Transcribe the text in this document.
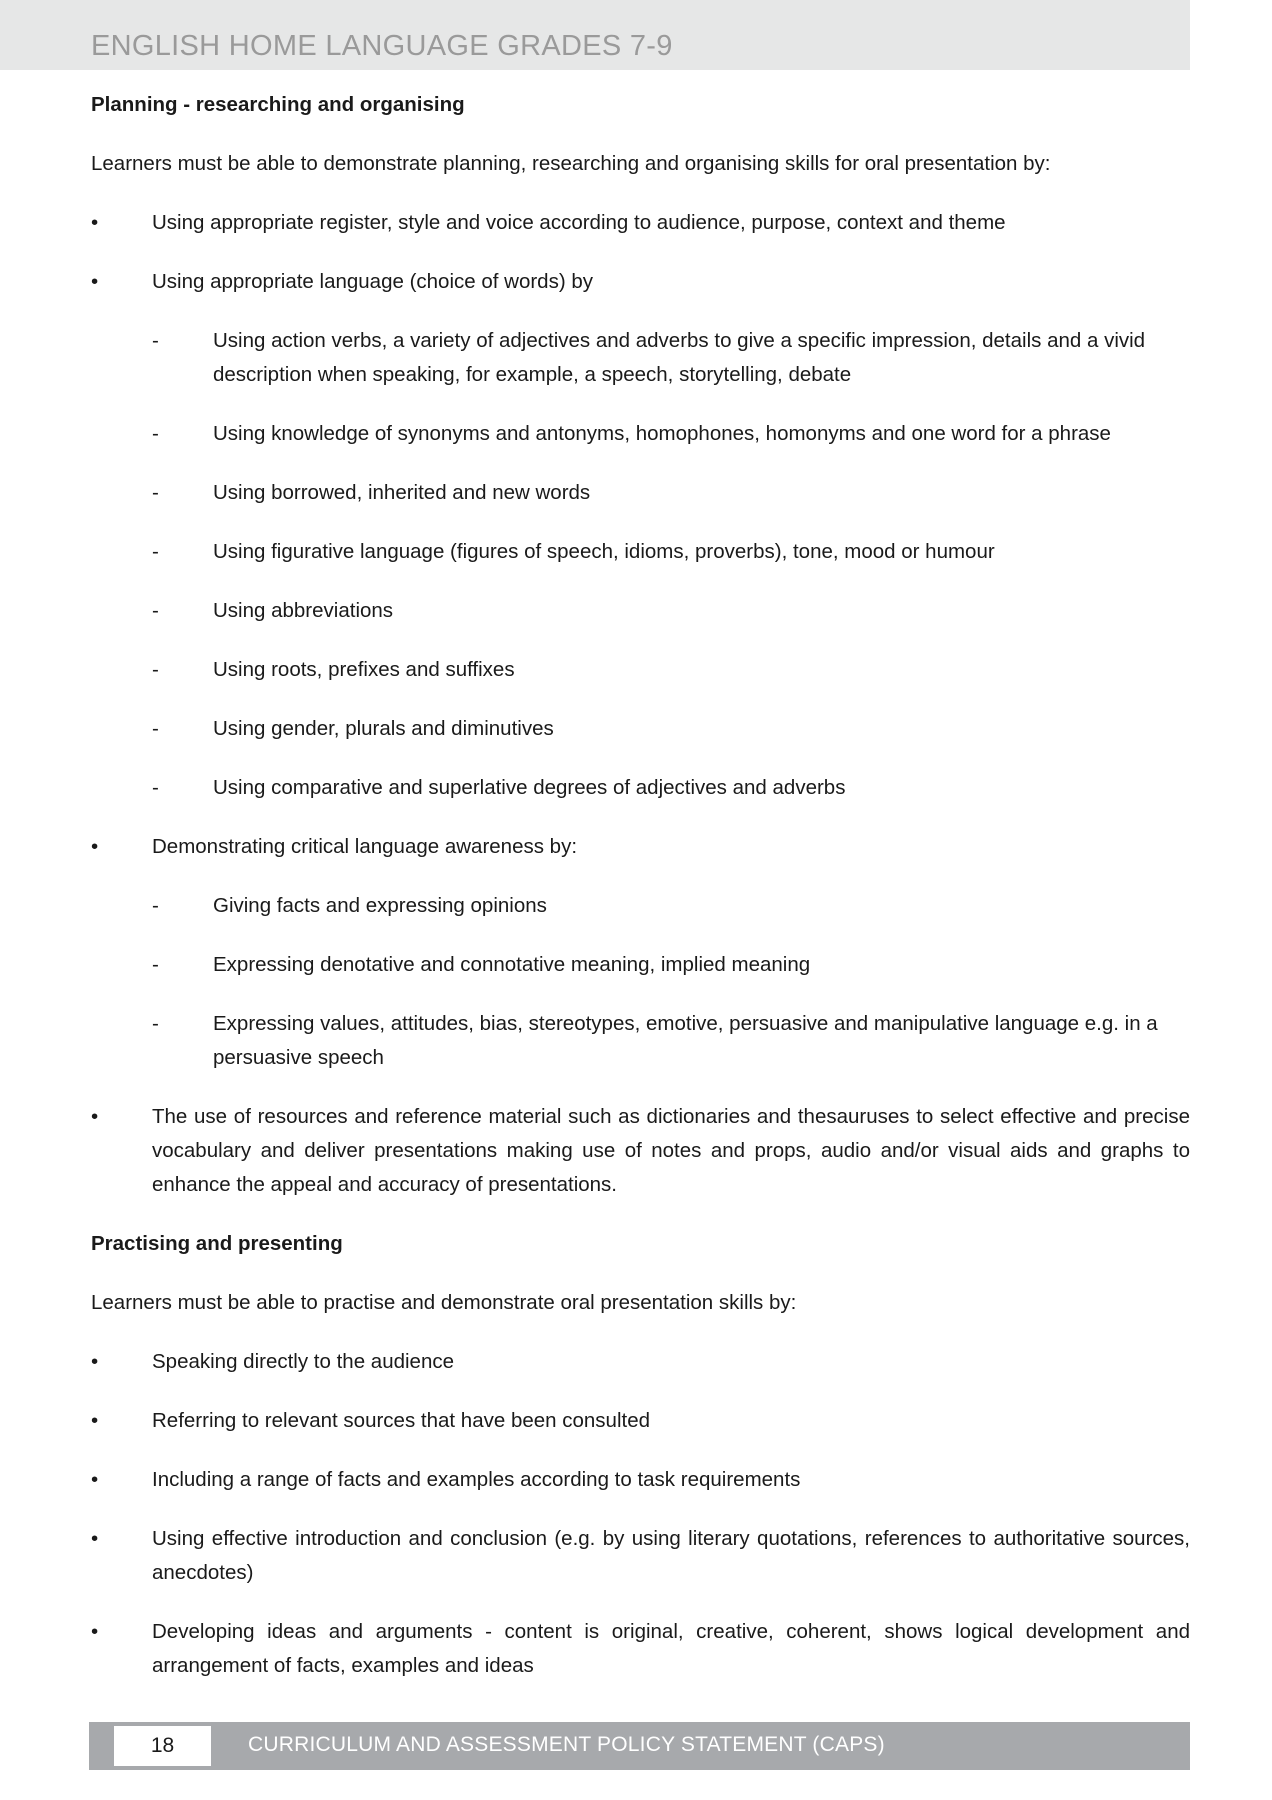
ENGLISH HOME LANGUAGE GRADES 7-9
Planning - researching and organising
Learners must be able to demonstrate planning, researching and organising skills for oral presentation by:
•	Using appropriate register, style and voice according to audience, purpose, context and theme
•	Using appropriate language (choice of words) by
-	Using action verbs, a variety of adjectives and adverbs to give a specific impression, details and a vivid description when speaking, for example, a speech, storytelling, debate
-	Using knowledge of synonyms and antonyms, homophones, homonyms and one word for a phrase
-	Using borrowed, inherited and new words
-	Using figurative language (figures of speech, idioms, proverbs), tone, mood or humour
-	Using abbreviations
-	Using roots, prefixes and suffixes
-	Using gender, plurals and diminutives
-	Using comparative and superlative degrees of adjectives and adverbs
•	Demonstrating critical language awareness by:
-	Giving facts and expressing opinions
-	Expressing denotative and connotative meaning, implied meaning
-	Expressing values, attitudes, bias, stereotypes, emotive, persuasive and manipulative language e.g. in a persuasive speech
•	The use of resources and reference material such as dictionaries and thesauruses to select effective and precise vocabulary and deliver presentations making use of notes and props, audio and/or visual aids and graphs to enhance the appeal and accuracy of presentations.
Practising and presenting
Learners must be able to practise and demonstrate oral presentation skills by:
•	Speaking directly to the audience
•	Referring to relevant sources that have been consulted
•	Including a range of facts and examples according to task requirements
•	Using effective introduction and conclusion (e.g. by using literary quotations, references to authoritative sources, anecdotes)
•	Developing ideas and arguments - content is original, creative, coherent, shows logical development and arrangement of facts, examples and ideas
18	CURRICULUM AND ASSESSMENT POLICY STATEMENT (CAPS)
